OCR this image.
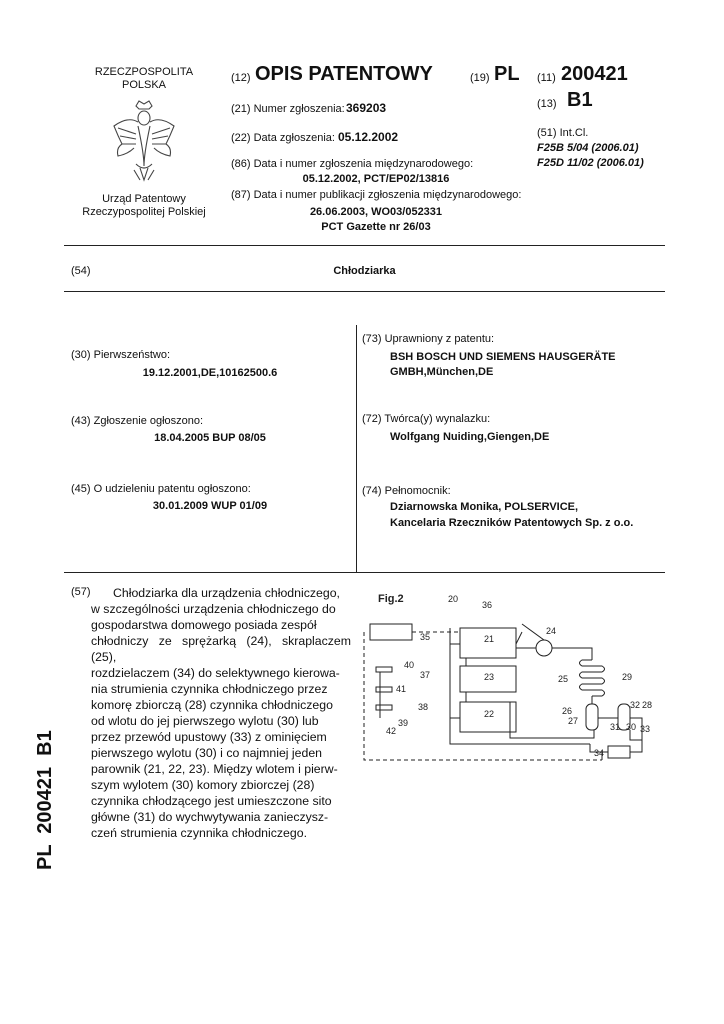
RZECZPOSPOLITA
POLSKA
Urząd Patentowy
Rzeczypospolitej Polskiej
(12) OPIS PATENTOWY	(19) PL (11) 200421
(13) B1
(21) Numer zgłoszenia: 369203
(22) Data zgłoszenia: 05.12.2002
(86) Data i numer zgłoszenia międzynarodowego:
05.12.2002, PCT/EP02/13816
(87) Data i numer publikacji zgłoszenia międzynarodowego:
26.06.2003, WO03/052331
PCT Gazette nr 26/03
(51) Int.Cl.
F25B 5/04 (2006.01)
F25D 11/02 (2006.01)
(54)	Chłodziarka
(30) Pierwszeństwo:
19.12.2001,DE,10162500.6
(43) Zgłoszenie ogłoszono:
18.04.2005 BUP 08/05
(45) O udzieleniu patentu ogłoszono:
30.01.2009 WUP 01/09
(73) Uprawniony z patentu:
BSH BOSCH UND SIEMENS HAUSGERÄTE
GMBH,München,DE
(72) Twórca(y) wynalazku:
Wolfgang Nuiding,Giengen,DE
(74) Pełnomocnik:
Dziarnowska Monika, POLSERVICE,
Kancelaria Rzeczników Patentowych Sp. z o.o.
(57)	Chłodziarka dla urządzenia chłodniczego,
w szczególności urządzenia chłodniczego do
gospodarstwa domowego posiada zespół
chłodniczy ze sprężarką (24), skraplaczem (25),
rozdzielaczem (34) do selektywnego kierowa-
nia strumienia czynnika chłodniczego przez
komorę zbiorczą (28) czynnika chłodniczego
od wlotu do jej pierwszego wylotu (30) lub
przez przewód upustowy (33) z ominięciem
pierwszego wylotu (30) i co najmniej jeden
parownik (21, 22, 23). Między wlotem i pierw-
szym wylotem (30) komory zbiorczej (28)
czynnika chłodzącego jest umieszczone sito
główne (31) do wychwytywania zanieczysz-
czeń strumienia czynnika chłodniczego.
Fig.2	20
36
35	21
24
40
37
41
23	25	29
38
39
42
22	26
27
32 28
31 30 33
34
PL  200421  B1
